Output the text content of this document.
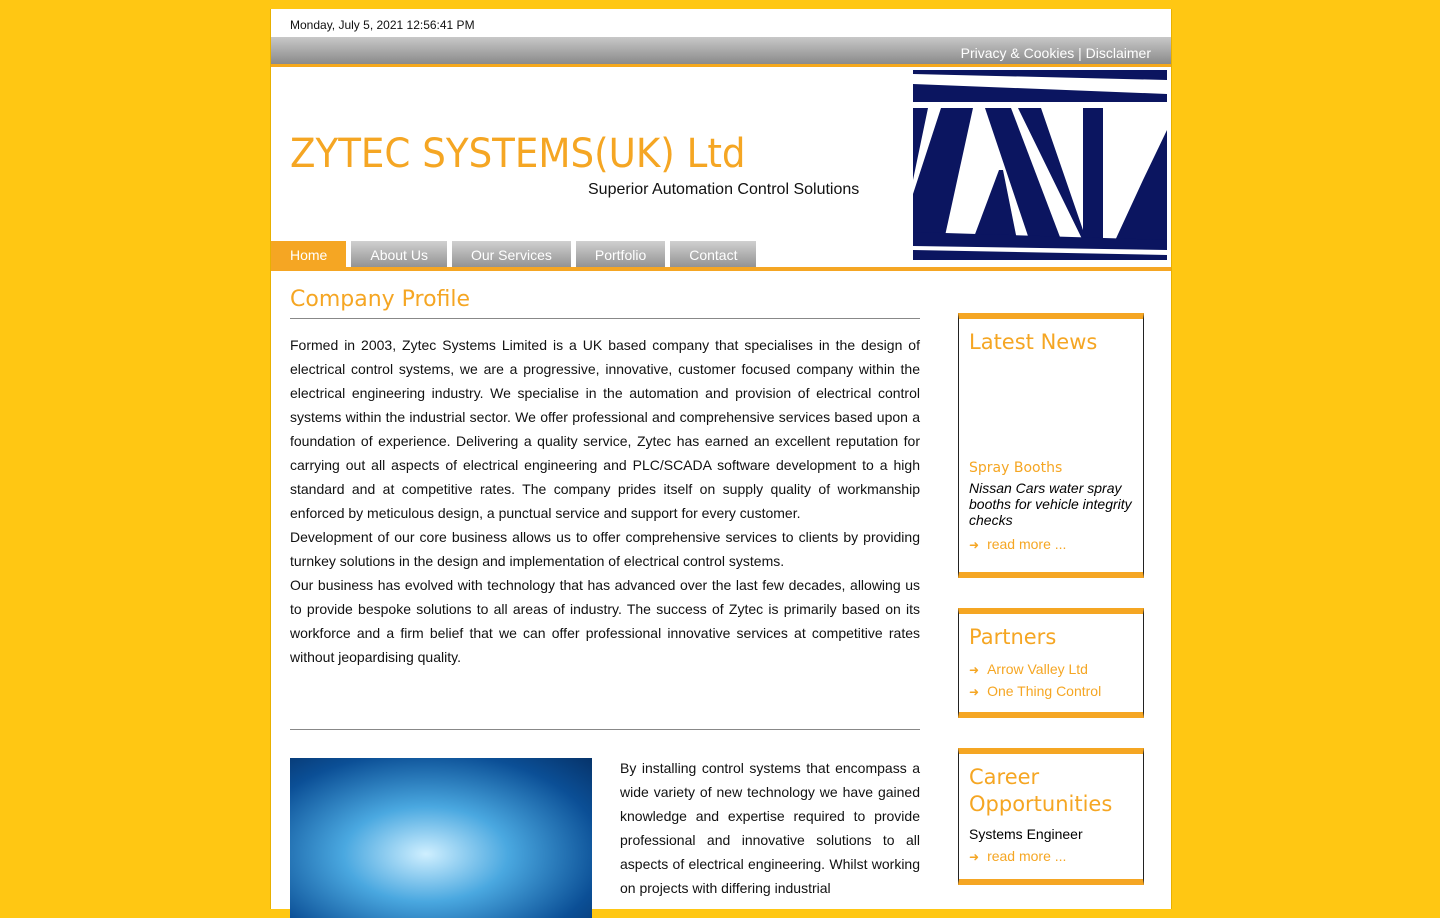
Monday, July 5, 2021 12:56:41 PM
Privacy & Cookies | Disclaimer
ZYTEC SYSTEMS(UK) Ltd
Superior Automation Control Solutions
Home	About Us	Our Services	Portfolio	Contact
Company Profile

Formed in 2003, Zytec Systems Limited is a UK based company that specialises in the design of electrical control systems, we are a progressive, innovative, customer focused company within the electrical engineering industry. We specialise in the automation and provision of electrical control systems within the industrial sector. We offer professional and comprehensive services based upon a foundation of experience. Delivering a quality service, Zytec has earned an excellent reputation for carrying out all aspects of electrical engineering and PLC/SCADA software development to a high standard and at competitive rates. The company prides itself on supply quality of workmanship enforced by meticulous design, a punctual service and support for every customer.

Development of our core business allows us to offer comprehensive services to clients by providing turnkey solutions in the design and implementation of electrical control systems.

Our business has evolved with technology that has advanced over the last few decades, allowing us to provide bespoke solutions to all areas of industry. The success of Zytec is primarily based on its workforce and a firm belief that we can offer professional innovative services at competitive rates without jeopardising quality.

By installing control systems that encompass a wide variety of new technology we have gained knowledge and expertise required to provide professional and innovative solutions to all aspects of electrical engineering. Whilst working on projects with differing industrial

Latest News
Spray Booths
Nissan Cars water spray booths for vehicle integrity checks
➜ read more ...
Partners
➜ Arrow Valley Ltd
➜ One Thing Control
Career Opportunities
Systems Engineer
➜ read more ...
